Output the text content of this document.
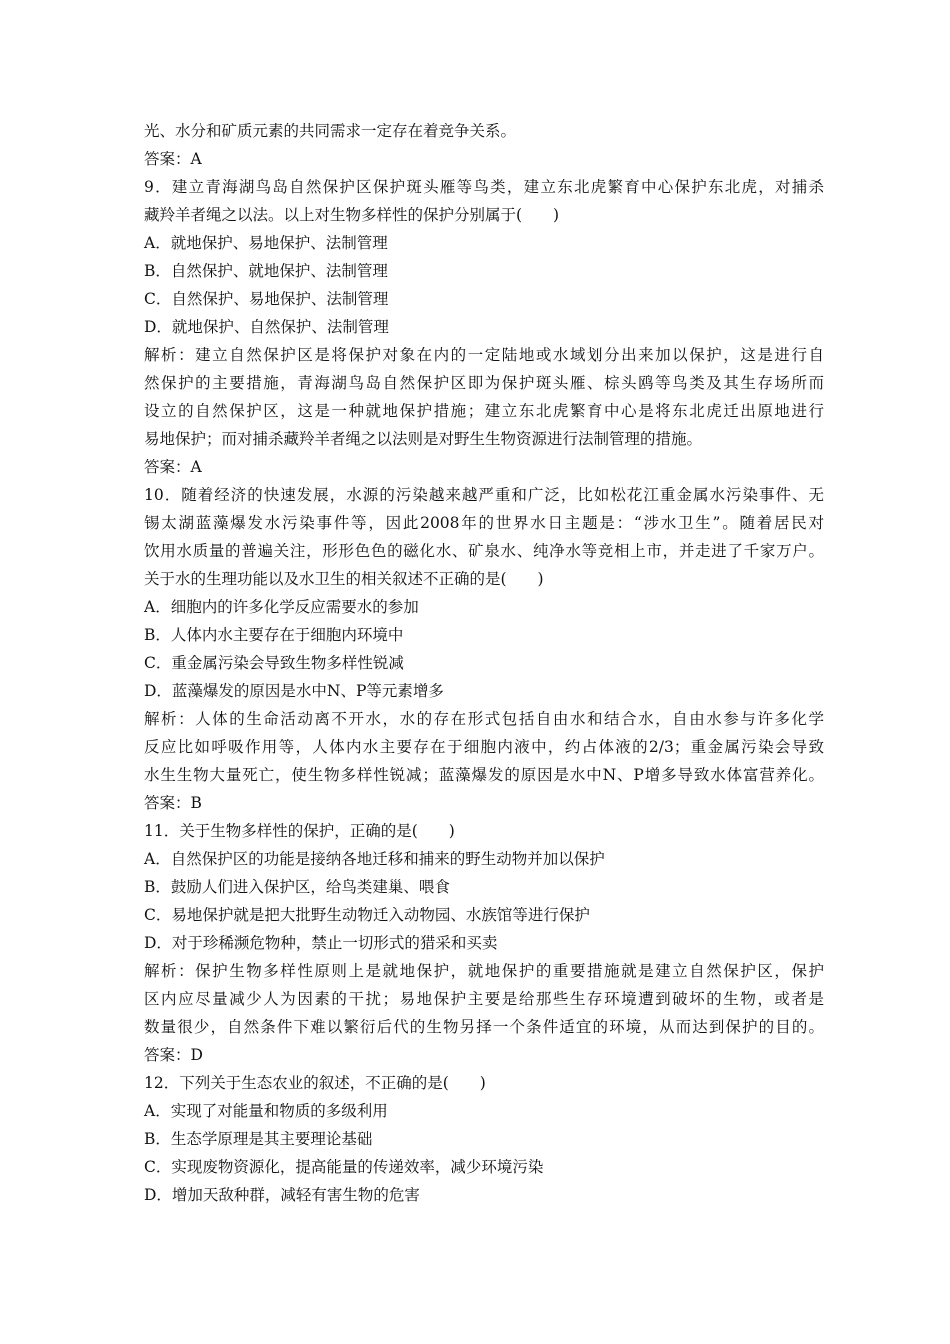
光、水分和矿质元素的共同需求一定存在着竞争关系。
答案：A
9．建立青海湖鸟岛自然保护区保护斑头雁等鸟类，建立东北虎繁育中心保护东北虎，对捕杀
藏羚羊者绳之以法。以上对生物多样性的保护分别属于(　　)
A．就地保护、易地保护、法制管理
B．自然保护、就地保护、法制管理
C．自然保护、易地保护、法制管理
D．就地保护、自然保护、法制管理
解析：建立自然保护区是将保护对象在内的一定陆地或水域划分出来加以保护，这是进行自
然保护的主要措施，青海湖鸟岛自然保护区即为保护斑头雁、棕头鸥等鸟类及其生存场所而
设立的自然保护区，这是一种就地保护措施；建立东北虎繁育中心是将东北虎迁出原地进行
易地保护；而对捕杀藏羚羊者绳之以法则是对野生生物资源进行法制管理的措施。
答案：A
10．随着经济的快速发展，水源的污染越来越严重和广泛，比如松花江重金属水污染事件、无
锡太湖蓝藻爆发水污染事件等，因此2008年的世界水日主题是：“涉水卫生”。随着居民对
饮用水质量的普遍关注，形形色色的磁化水、矿泉水、纯净水等竞相上市，并走进了千家万户。
关于水的生理功能以及水卫生的相关叙述不正确的是(　　)
A．细胞内的许多化学反应需要水的参加
B．人体内水主要存在于细胞内环境中
C．重金属污染会导致生物多样性锐减
D．蓝藻爆发的原因是水中N、P等元素增多
解析：人体的生命活动离不开水，水的存在形式包括自由水和结合水，自由水参与许多化学
反应比如呼吸作用等，人体内水主要存在于细胞内液中，约占体液的2/3；重金属污染会导致
水生生物大量死亡，使生物多样性锐减；蓝藻爆发的原因是水中N、P增多导致水体富营养化。
答案：B
11．关于生物多样性的保护，正确的是(　　)
A．自然保护区的功能是接纳各地迁移和捕来的野生动物并加以保护
B．鼓励人们进入保护区，给鸟类建巢、喂食
C．易地保护就是把大批野生动物迁入动物园、水族馆等进行保护
D．对于珍稀濒危物种，禁止一切形式的猎采和买卖
解析：保护生物多样性原则上是就地保护，就地保护的重要措施就是建立自然保护区，保护
区内应尽量减少人为因素的干扰；易地保护主要是给那些生存环境遭到破坏的生物，或者是
数量很少，自然条件下难以繁衍后代的生物另择一个条件适宜的环境，从而达到保护的目的。
答案：D
12．下列关于生态农业的叙述，不正确的是(　　)
A．实现了对能量和物质的多级利用
B．生态学原理是其主要理论基础
C．实现废物资源化，提高能量的传递效率，减少环境污染
D．增加天敌种群，减轻有害生物的危害
